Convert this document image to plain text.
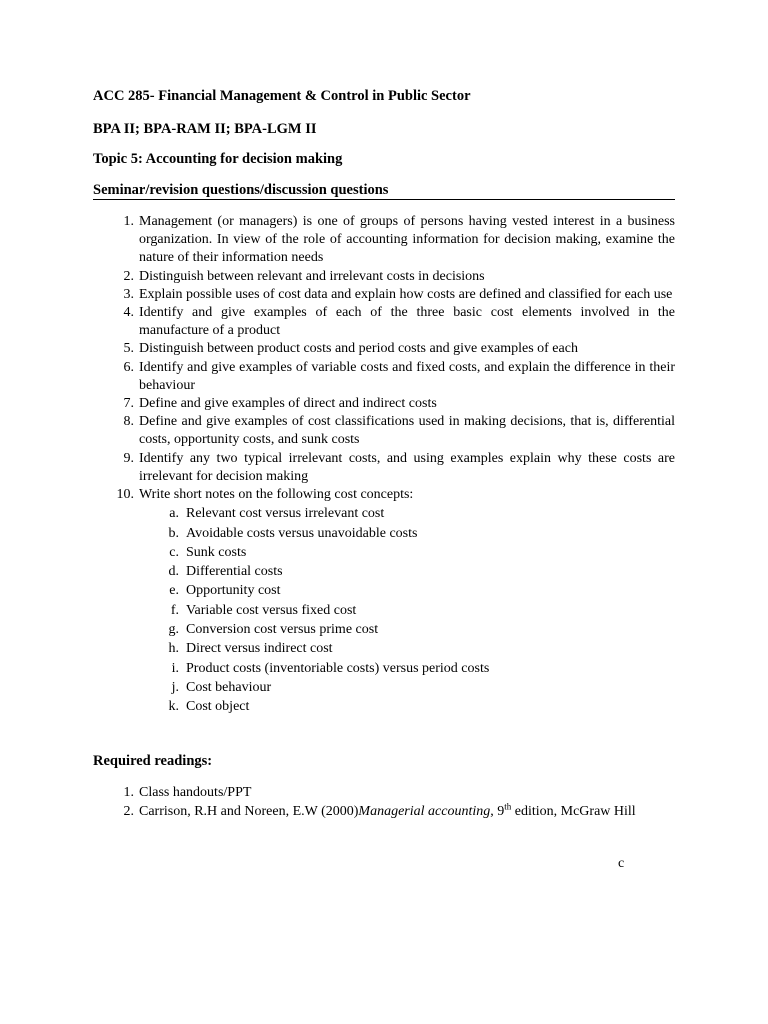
ACC 285- Financial Management & Control in Public Sector
BPA II; BPA-RAM II; BPA-LGM II
Topic 5: Accounting for decision making
Seminar/revision questions/discussion questions
1. Management (or managers) is one of groups of persons having vested interest in a business organization. In view of the role of accounting information for decision making, examine the nature of their information needs
2. Distinguish between relevant and irrelevant costs in decisions
3. Explain possible uses of cost data and explain how costs are defined and classified for each use
4. Identify and give examples of each of the three basic cost elements involved in the manufacture of a product
5. Distinguish between product costs and period costs and give examples of each
6. Identify and give examples of variable costs and fixed costs, and explain the difference in their behaviour
7. Define and give examples of direct and indirect costs
8. Define and give examples of cost classifications used in making decisions, that is, differential costs, opportunity costs, and sunk costs
9. Identify any two typical irrelevant costs, and using examples explain why these costs are irrelevant for decision making
10. Write short notes on the following cost concepts:
a. Relevant cost versus irrelevant cost
b. Avoidable costs versus unavoidable costs
c. Sunk costs
d. Differential costs
e. Opportunity cost
f. Variable cost versus fixed cost
g. Conversion cost versus prime cost
h. Direct versus indirect cost
i. Product costs (inventoriable costs) versus period costs
j. Cost behaviour
k. Cost object
Required readings:
1. Class handouts/PPT
2. Carrison, R.H and Noreen, E.W (2000)Managerial accounting, 9th edition, McGraw Hill
c
